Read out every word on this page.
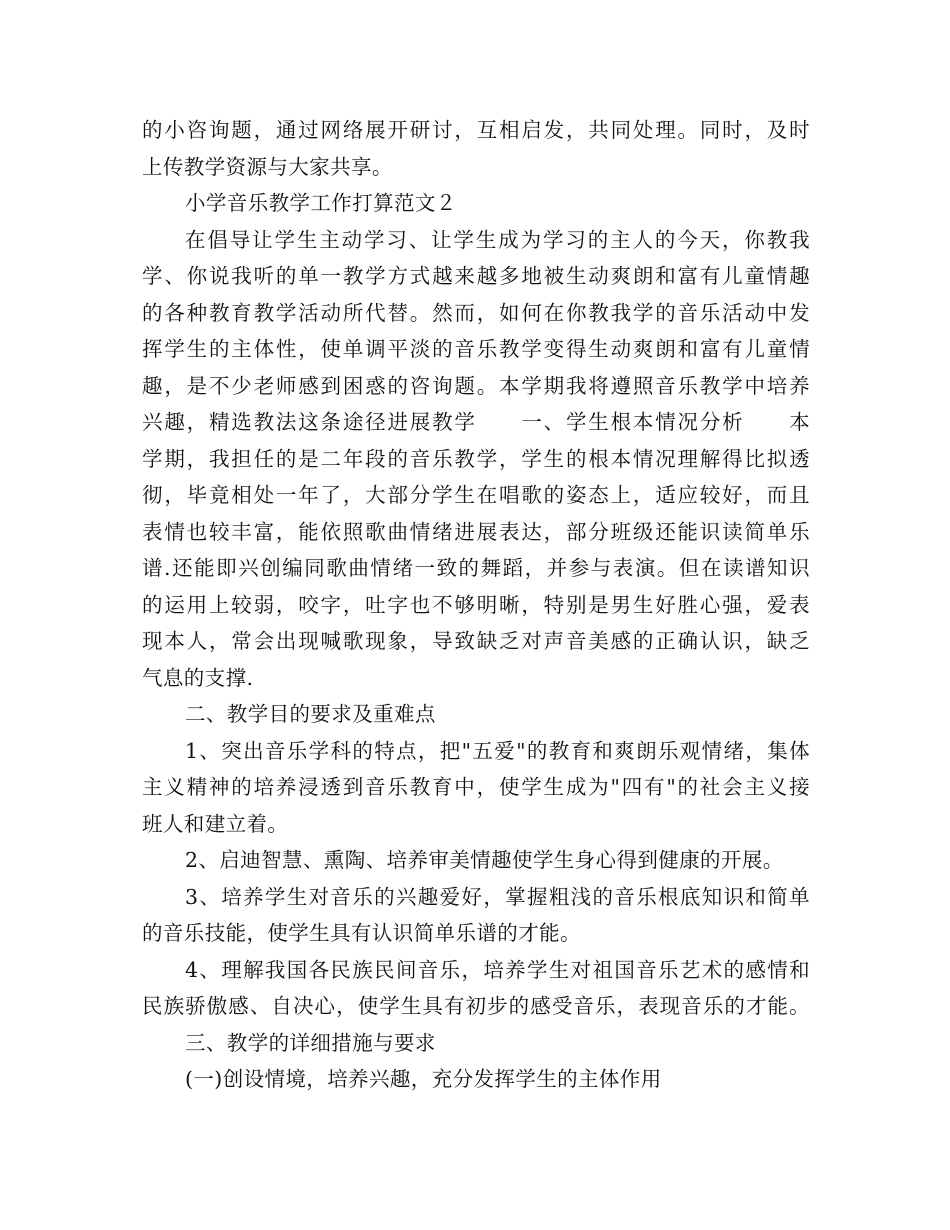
的小咨询题，通过网络展开研讨，互相启发，共同处理。同时，及时
上传教学资源与大家共享。
小学音乐教学工作打算范文２
在倡导让学生主动学习、让学生成为学习的主人的今天，你教我
学、你说我听的单一教学方式越来越多地被生动爽朗和富有儿童情趣
的各种教育教学活动所代替。然而，如何在你教我学的音乐活动中发
挥学生的主体性，使单调平淡的音乐教学变得生动爽朗和富有儿童情
趣，是不少老师感到困惑的咨询题。本学期我将遵照音乐教学中培养
兴趣，精选教法这条途径进展教学　　一、学生根本情况分析　　本
学期，我担任的是二年段的音乐教学，学生的根本情况理解得比拟透
彻，毕竟相处一年了，大部分学生在唱歌的姿态上，适应较好，而且
表情也较丰富，能依照歌曲情绪进展表达，部分班级还能识读简单乐
谱.还能即兴创编同歌曲情绪一致的舞蹈，并参与表演。但在读谱知识
的运用上较弱，咬字，吐字也不够明晰，特别是男生好胜心强，爱表
现本人，常会出现喊歌现象，导致缺乏对声音美感的正确认识，缺乏
气息的支撑.
二、教学目的要求及重难点
1、突出音乐学科的特点，把"五爱"的教育和爽朗乐观情绪，集体
主义精神的培养浸透到音乐教育中，使学生成为"四有"的社会主义接
班人和建立着。
2、启迪智慧、熏陶、培养审美情趣使学生身心得到健康的开展。
3、培养学生对音乐的兴趣爱好，掌握粗浅的音乐根底知识和简单
的音乐技能，使学生具有认识简单乐谱的才能。
4、理解我国各民族民间音乐，培养学生对祖国音乐艺术的感情和
民族骄傲感、自决心，使学生具有初步的感受音乐，表现音乐的才能。
三、教学的详细措施与要求
(一)创设情境，培养兴趣，充分发挥学生的主体作用
